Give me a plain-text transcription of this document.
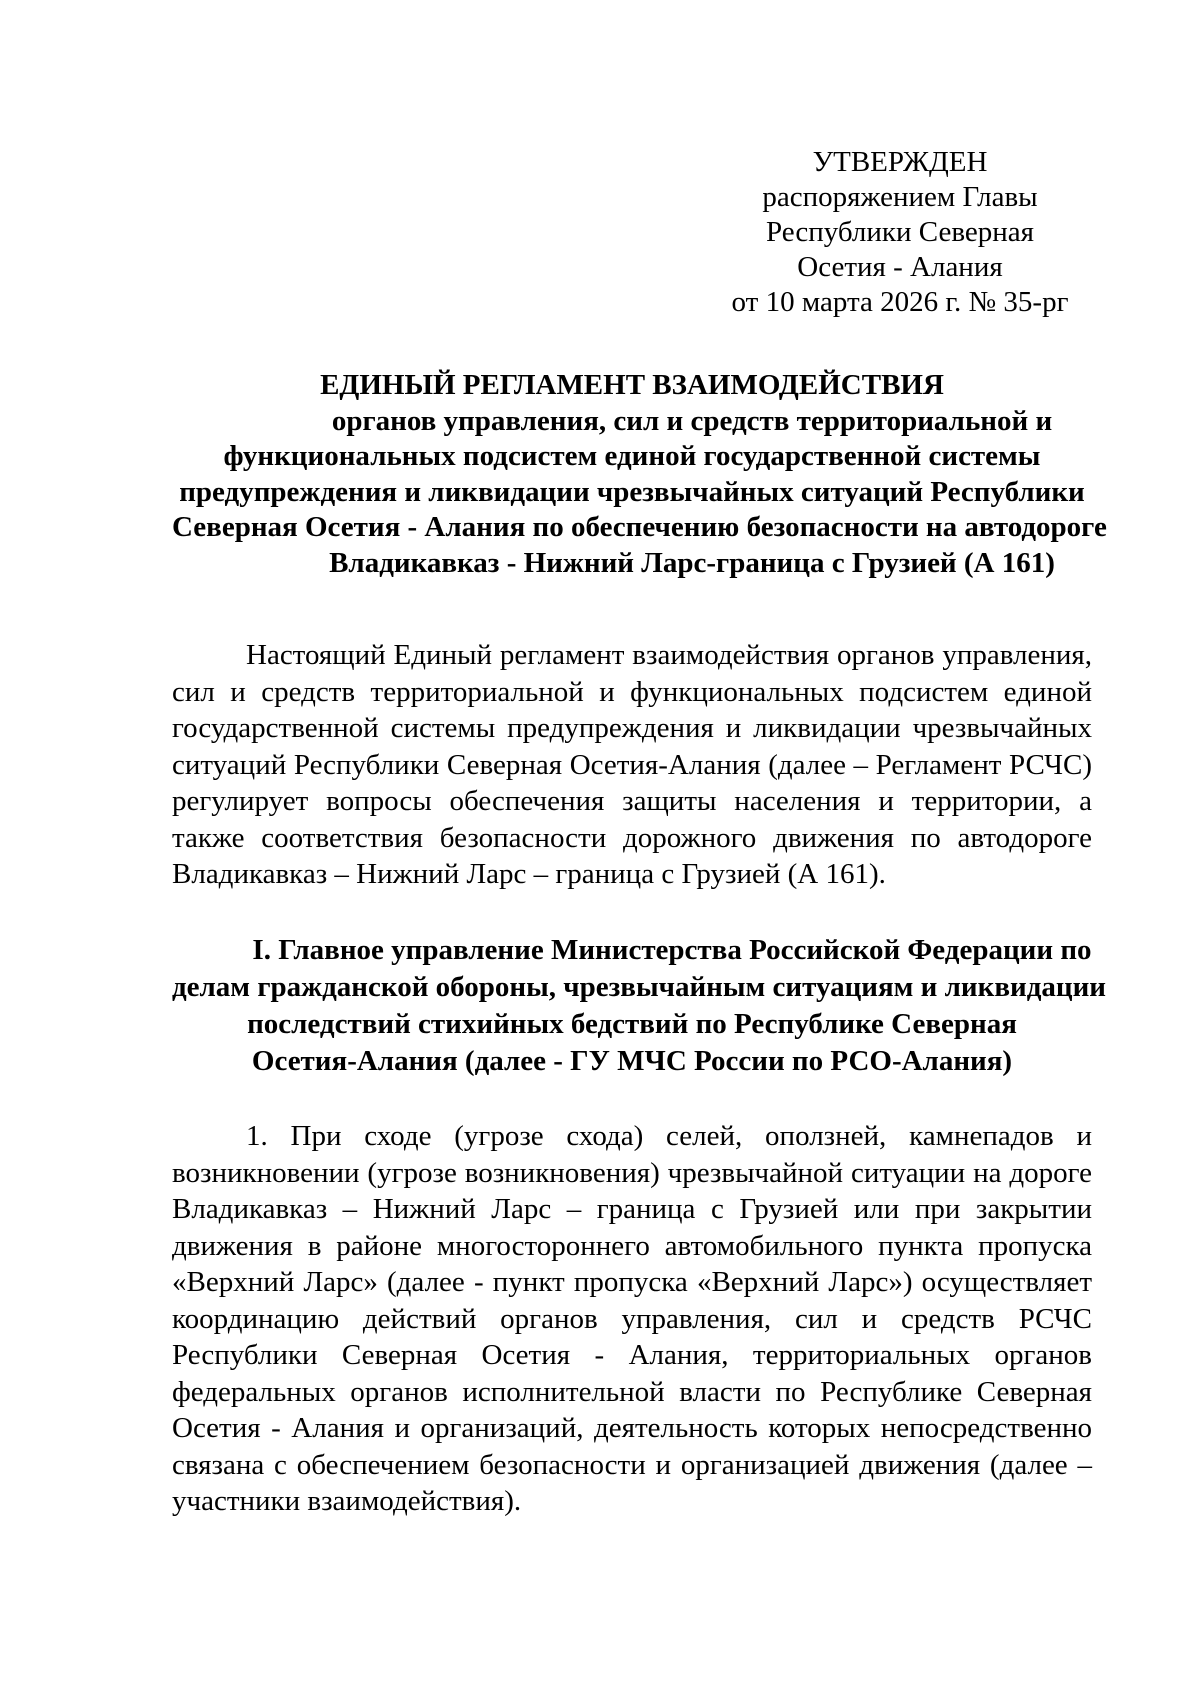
УТВЕРЖДЕН
распоряжением Главы
Республики Северная
Осетия - Алания
от 10 марта 2026 г. № 35-рг
ЕДИНЫЙ РЕГЛАМЕНТ ВЗАИМОДЕЙСТВИЯ
органов управления, сил и средств территориальной и
функциональных подсистем единой государственной системы
предупреждения и ликвидации чрезвычайных ситуаций Республики
Северная Осетия - Алания по обеспечению безопасности на автодороге
Владикавказ - Нижний Ларс-граница с Грузией (А 161)
Настоящий Единый регламент взаимодействия органов управления, сил и средств территориальной и функциональных подсистем единой государственной системы предупреждения и ликвидации чрезвычайных ситуаций Республики Северная Осетия-Алания (далее – Регламент РСЧС) регулирует вопросы обеспечения защиты населения и территории, а также соответствия безопасности дорожного движения по автодороге Владикавказ – Нижний Ларс – граница с Грузией (А 161).
I. Главное управление Министерства Российской Федерации по
делам гражданской обороны, чрезвычайным ситуациям и ликвидации
последствий стихийных бедствий по Республике Северная
Осетия-Алания (далее - ГУ МЧС России по РСО-Алания)
1. При сходе (угрозе схода) селей, оползней, камнепадов и возникновении (угрозе возникновения) чрезвычайной ситуации на дороге Владикавказ – Нижний Ларс – граница с Грузией или при закрытии движения в районе многостороннего автомобильного пункта пропуска «Верхний Ларс» (далее - пункт пропуска «Верхний Ларс») осуществляет координацию действий органов управления, сил и средств РСЧС Республики Северная Осетия - Алания, территориальных органов федеральных органов исполнительной власти по Республике Северная Осетия - Алания и организаций, деятельность которых непосредственно связана с обеспечением безопасности и организацией движения (далее – участники взаимодействия).
